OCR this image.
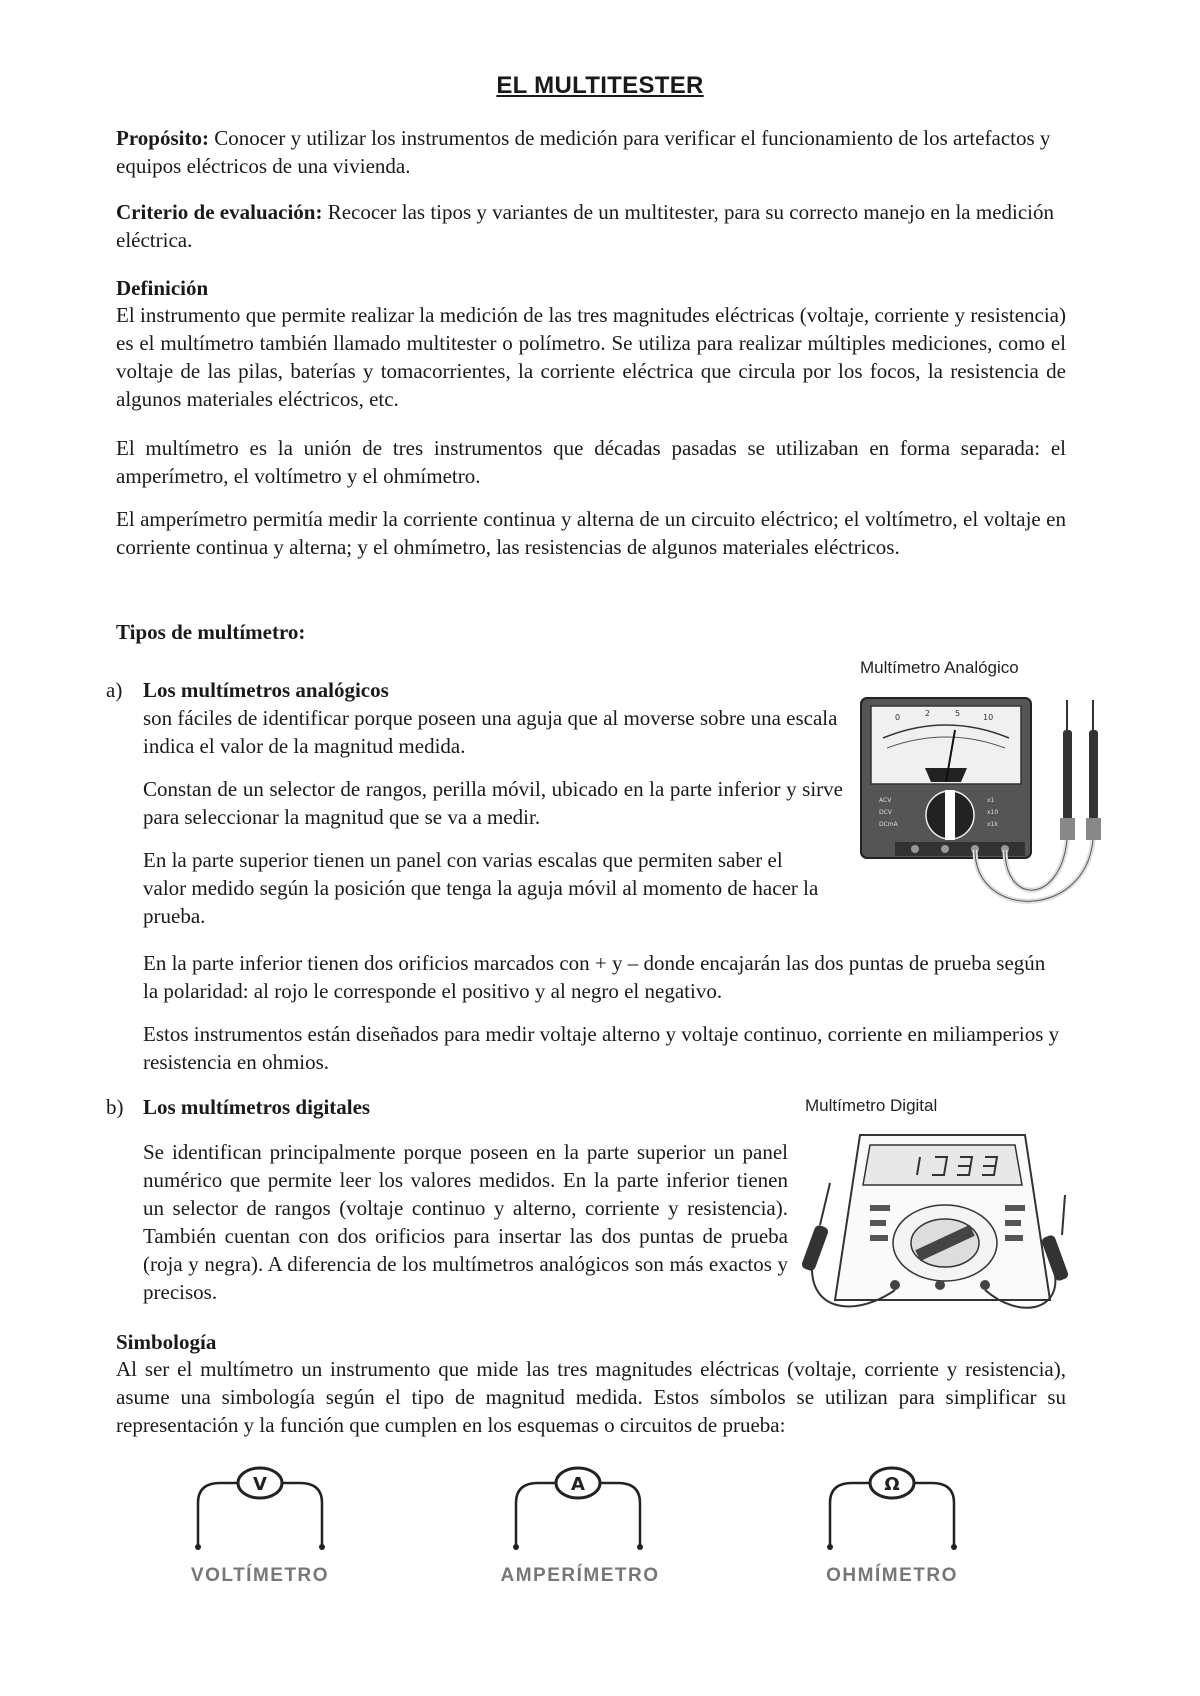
EL MULTITESTER

Propósito: Conocer y utilizar los instrumentos de medición para verificar el funcionamiento de los artefactos y equipos eléctricos de una vivienda.

Criterio de evaluación: Recocer las tipos y variantes de un multitester, para su correcto manejo en la medición eléctrica.

Definición

El instrumento que permite realizar la medición de las tres magnitudes eléctricas (voltaje, corriente y resistencia) es el multímetro también llamado multitester o polímetro. Se utiliza para realizar múltiples mediciones, como el voltaje de las pilas, baterías y tomacorrientes, la corriente eléctrica que circula por los focos, la resistencia de algunos materiales eléctricos, etc.

El multímetro es la unión de tres instrumentos que décadas pasadas se utilizaban en forma separada: el amperímetro, el voltímetro y el ohmímetro.

El amperímetro permitía medir la corriente continua y alterna de un circuito eléctrico; el voltímetro, el voltaje en corriente continua y alterna; y el ohmímetro, las resistencias de algunos materiales eléctricos.

Tipos de multímetro:

Multímetro Analógico
a) Los multímetros analógicos

son fáciles de identificar porque poseen una aguja que al moverse sobre una escala indica el valor de la magnitud medida.

Constan de un selector de rangos, perilla móvil, ubicado en la parte inferior y sirve para seleccionar la magnitud que se va a medir.

En la parte superior tienen un panel con varias escalas que permiten saber el valor medido según la posición que tenga la aguja móvil al momento de hacer la prueba.

En la parte inferior tienen dos orificios marcados con + y – donde encajarán las dos puntas de prueba según la polaridad: al rojo le corresponde el positivo y al negro el negativo.

Estos instrumentos están diseñados para medir voltaje alterno y voltaje continuo, corriente en miliamperios y resistencia en ohmios.

0	2	5	10
ACV
DCV
DCmA
x1
x10
x1k
b) Los multímetros digitales	Multímetro Digital

Se identifican principalmente porque poseen en la parte superior un panel numérico que permite leer los valores medidos. En la parte inferior tienen un selector de rangos (voltaje continuo y alterno, corriente y resistencia). También cuentan con dos orificios para insertar las dos puntas de prueba (roja y negra). A diferencia de los multímetros analógicos son más exactos y precisos.

Simbología

Al ser el multímetro un instrumento que mide las tres magnitudes eléctricas (voltaje, corriente y resistencia), asume una simbología según el tipo de magnitud medida. Estos símbolos se utilizan para simplificar su representación y la función que cumplen en los esquemas o circuitos de prueba:

V
VOLTÍMETRO
A
AMPERÍMETRO
Ω
OHMÍMETRO
